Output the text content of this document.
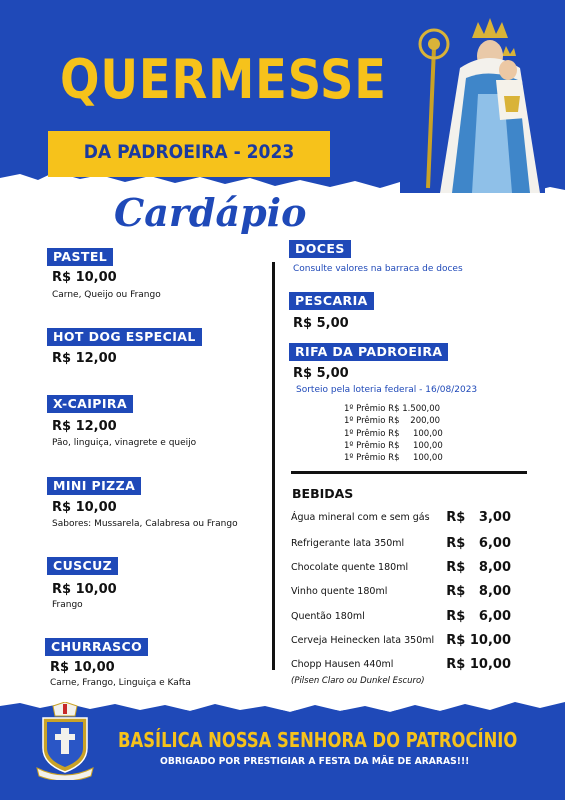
QUERMESSE
DA PADROEIRA - 2023
Cardápio
PASTEL
R$ 10,00
Carne, Queijo ou Frango
HOT DOG ESPECIAL
R$ 12,00
X-CAIPIRA
R$ 12,00
Pão, linguiça, vinagrete e queijo
MINI PIZZA
R$ 10,00
Sabores: Mussarela, Calabresa ou Frango
CUSCUZ
R$ 10,00
Frango
CHURRASCO
R$ 10,00
Carne, Frango, Linguiça e Kafta
DOCES
Consulte valores na barraca de doces
PESCARIA
R$ 5,00
RIFA DA PADROEIRA
R$ 5,00
Sorteio pela loteria federal - 16/08/2023
1º Prêmio R$ 1.500,00
1º Prêmio R$    200,00
1º Prêmio R$     100,00
1º Prêmio R$     100,00
1º Prêmio R$     100,00
BEBIDAS
Água mineral com e sem gás R$   3,00
Refrigerante lata 350ml	R$   6,00
Chocolate quente 180ml	R$   8,00
Vinho quente 180ml	R$   8,00
Quentão 180ml	R$   6,00
Cerveja Heinecken lata 350ml R$ 10,00
Chopp Hausen 440ml	R$ 10,00
(Pilsen Claro ou Dunkel Escuro)
BASÍLICA NOSSA SENHORA DO PATROCÍNIO
OBRIGADO POR PRESTIGIAR A FESTA DA MÃE DE ARARAS!!!
